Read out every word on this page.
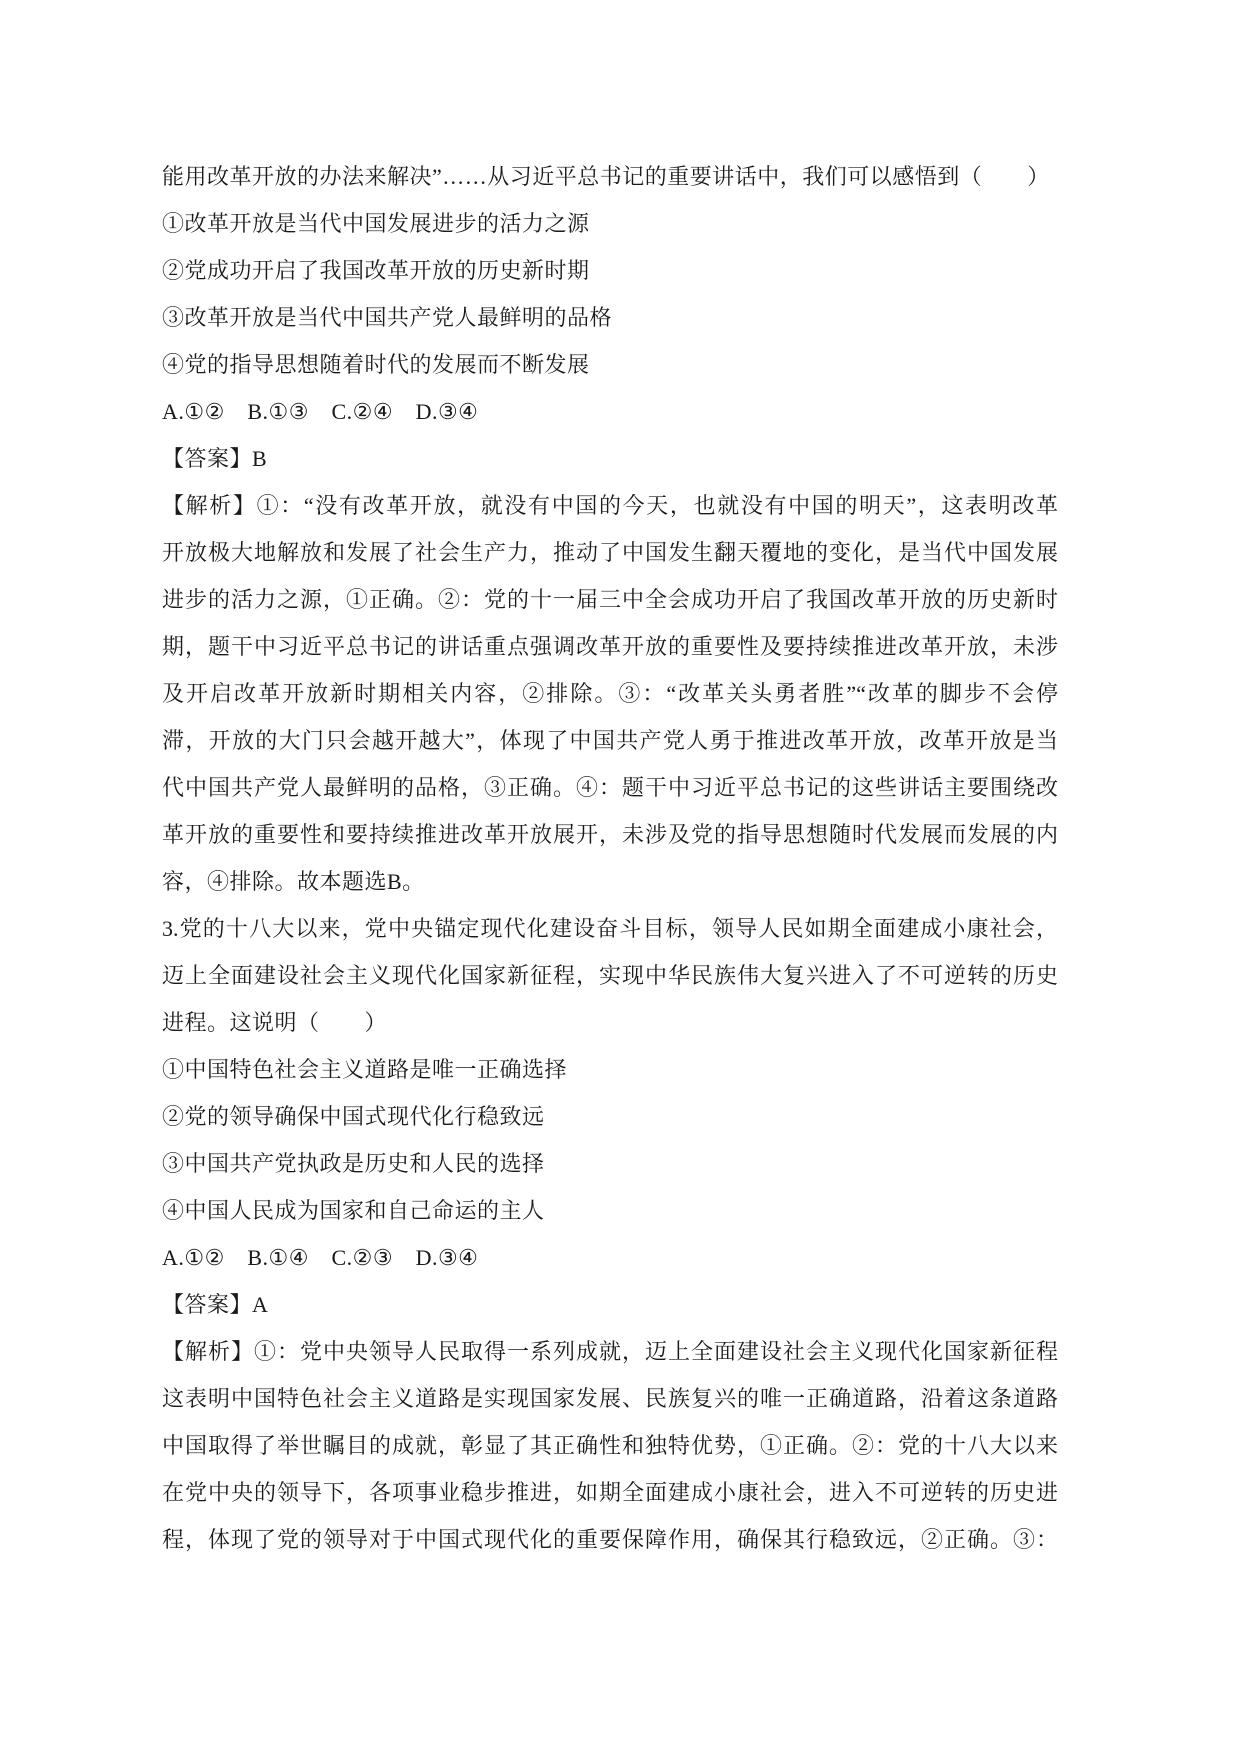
能用改革开放的办法来解决”……从习近平总书记的重要讲话中，我们可以感悟到（　　）
①改革开放是当代中国发展进步的活力之源
②党成功开启了我国改革开放的历史新时期
③改革开放是当代中国共产党人最鲜明的品格
④党的指导思想随着时代的发展而不断发展
A.①②　B.①③　C.②④　D.③④
【答案】B
【解析】①：“没有改革开放，就没有中国的今天，也就没有中国的明天”，这表明改革
开放极大地解放和发展了社会生产力，推动了中国发生翻天覆地的变化，是当代中国发展
进步的活力之源，①正确。②：党的十一届三中全会成功开启了我国改革开放的历史新时
期，题干中习近平总书记的讲话重点强调改革开放的重要性及要持续推进改革开放，未涉
及开启改革开放新时期相关内容，②排除。③：“改革关头勇者胜”“改革的脚步不会停
滞，开放的大门只会越开越大”，体现了中国共产党人勇于推进改革开放，改革开放是当
代中国共产党人最鲜明的品格，③正确。④：题干中习近平总书记的这些讲话主要围绕改
革开放的重要性和要持续推进改革开放展开，未涉及党的指导思想随时代发展而发展的内
容，④排除。故本题选B。
3.党的十八大以来，党中央锚定现代化建设奋斗目标，领导人民如期全面建成小康社会，
迈上全面建设社会主义现代化国家新征程，实现中华民族伟大复兴进入了不可逆转的历史
进程。这说明（　　）
①中国特色社会主义道路是唯一正确选择
②党的领导确保中国式现代化行稳致远
③中国共产党执政是历史和人民的选择
④中国人民成为国家和自己命运的主人
A.①②　B.①④　C.②③　D.③④
【答案】A
【解析】①：党中央领导人民取得一系列成就，迈上全面建设社会主义现代化国家新征程
这表明中国特色社会主义道路是实现国家发展、民族复兴的唯一正确道路，沿着这条道路
中国取得了举世瞩目的成就，彰显了其正确性和独特优势，①正确。②：党的十八大以来
在党中央的领导下，各项事业稳步推进，如期全面建成小康社会，进入不可逆转的历史进
程，体现了党的领导对于中国式现代化的重要保障作用，确保其行稳致远，②正确。③：
